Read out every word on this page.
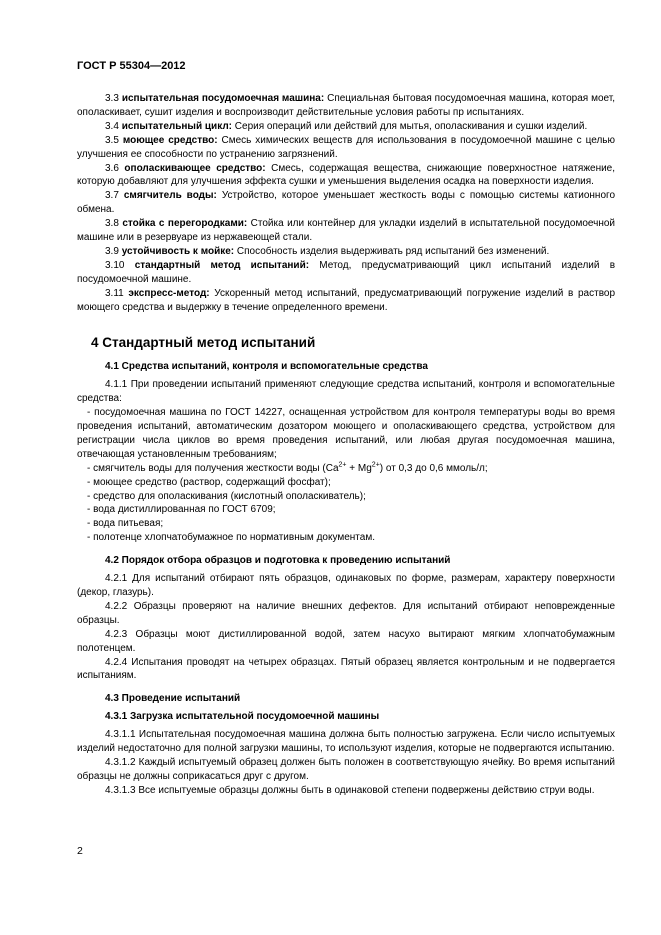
ГОСТ Р 55304—2012

3.3 испытательная посудомоечная машина: Специальная бытовая посудомоечная машина, которая моет, ополаскивает, сушит изделия и воспроизводит действительные условия работы пр испытаниях.

3.4 испытательный цикл: Серия операций или действий для мытья, ополаскивания и сушки изделий.

3.5 моющее средство: Смесь химических веществ для использования в посудомоечной машине с целью улучшения ее способности по устранению загрязнений.

3.6 ополаскивающее средство: Смесь, содержащая вещества, снижающие поверхностное натяжение, которую добавляют для улучшения эффекта сушки и уменьшения выделения осадка на поверхности изделия.

3.7 смягчитель воды: Устройство, которое уменьшает жесткость воды с помощью системы катионного обмена.

3.8 стойка с перегородками: Стойка или контейнер для укладки изделий в испытательной посудомоечной машине или в резервуаре из нержавеющей стали.

3.9 устойчивость к мойке: Способность изделия выдерживать ряд испытаний без изменений.

3.10 стандартный метод испытаний: Метод, предусматривающий цикл испытаний изделий в посудомоечной машине.

3.11 экспресс-метод: Ускоренный метод испытаний, предусматривающий погружение изделий в раствор моющего средства и выдержку в течение определенного времени.

4 Стандартный метод испытаний
4.1 Средства испытаний, контроля и вспомогательные средства

4.1.1 При проведении испытаний применяют следующие средства испытаний, контроля и вспомогательные средства:

- посудомоечная машина по ГОСТ 14227, оснащенная устройством для контроля температуры воды во время проведения испытаний, автоматическим дозатором моющего и ополаскивающего средства, устройством для регистрации числа циклов во время проведения испытаний, или любая другая посудомоечная машина, отвечающая установленным требованиям;

- смягчитель воды для получения жесткости воды $(Ca^{2+} + Mg^{2+})$ от 0,3 до 0,6 ммоль/л;

- моющее средство (раствор, содержащий фосфат);

- средство для ополаскивания (кислотный ополаскиватель);

- вода дистиллированная по ГОСТ 6709;

- вода питьевая;

- полотенце хлопчатобумажное по нормативным документам.

4.2 Порядок отбора образцов и подготовка к проведению испытаний

4.2.1 Для испытаний отбирают пять образцов, одинаковых по форме, размерам, характеру поверхности (декор, глазурь).

4.2.2 Образцы проверяют на наличие внешних дефектов. Для испытаний отбирают неповрежденные образцы.

4.2.3 Образцы моют дистиллированной водой, затем насухо вытирают мягким хлопчатобумажным полотенцем.

4.2.4 Испытания проводят на четырех образцах. Пятый образец является контрольным и не подвергается испытаниям.

4.3 Проведение испытаний
4.3.1 Загрузка испытательной посудомоечной машины

4.3.1.1 Испытательная посудомоечная машина должна быть полностью загружена. Если число испытуемых изделий недостаточно для полной загрузки машины, то используют изделия, которые не подвергаются испытанию.

4.3.1.2 Каждый испытуемый образец должен быть положен в соответствующую ячейку. Во время испытаний образцы не должны соприкасаться друг с другом.

4.3.1.3 Все испытуемые образцы должны быть в одинаковой степени подвержены действию струи воды.

2
